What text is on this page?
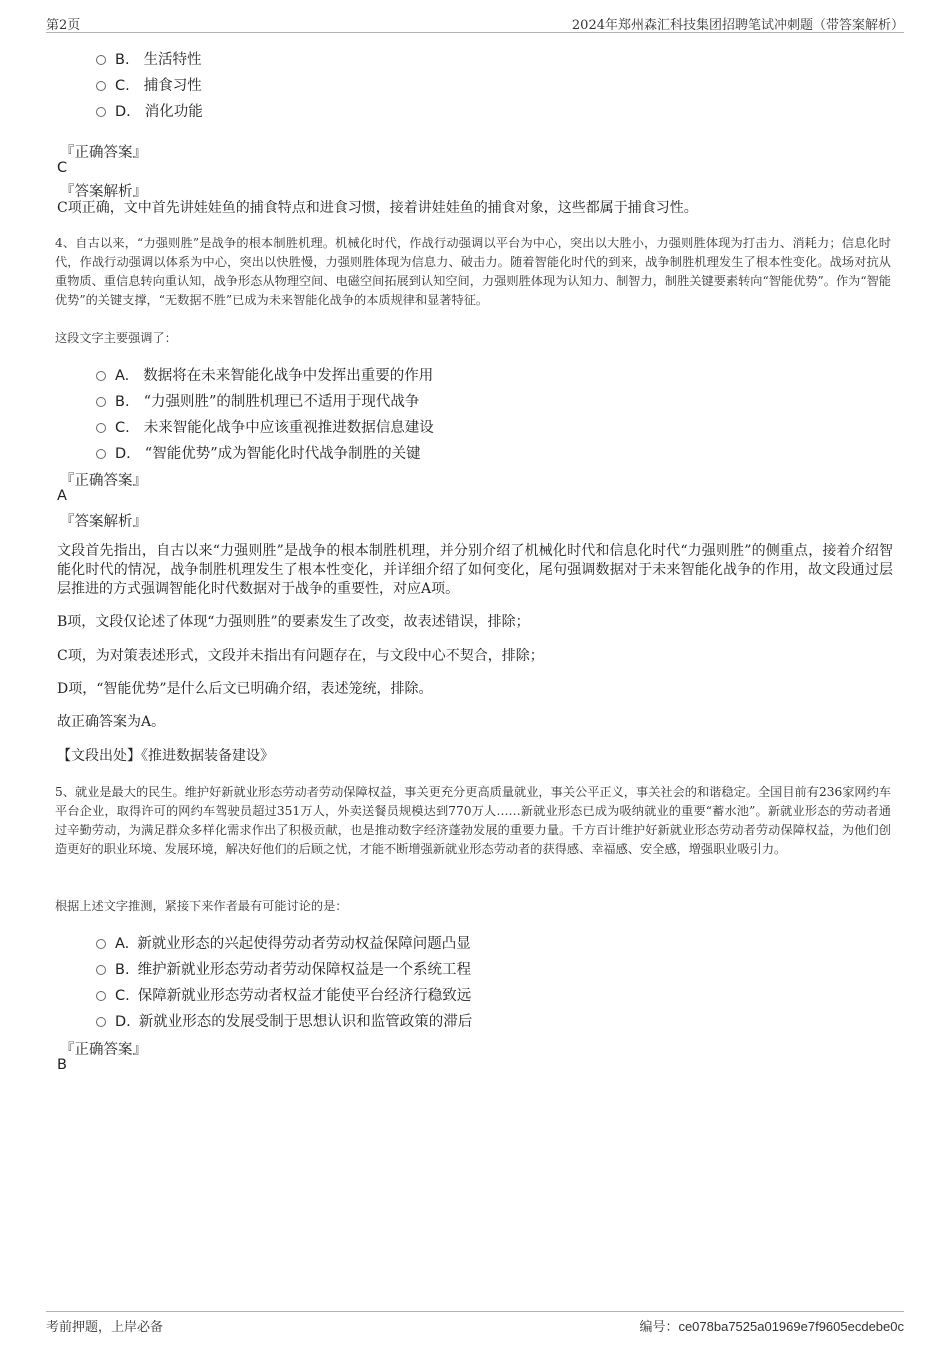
第2页	2024年郑州森汇科技集团招聘笔试冲刺题（带答案解析）
B. 生活特性
C. 捕食习性
D. 消化功能
『正确答案』
C
『答案解析』
C项正确，文中首先讲娃娃鱼的捕食特点和进食习惯，接着讲娃娃鱼的捕食对象，这些都属于捕食习性。
4、自古以来，“力强则胜”是战争的根本制胜机理。机械化时代，作战行动强调以平台为中心，突出以大胜小，力强则胜体现为打击力、消耗力；信息化时代，作战行动强调以体系为中心，突出以快胜慢，力强则胜体现为信息力、破击力。随着智能化时代的到来，战争制胜机理发生了根本性变化。战场对抗从重物质、重信息转向重认知，战争形态从物理空间、电磁空间拓展到认知空间，力强则胜体现为认知力、制智力，制胜关键要素转向“智能优势”。作为“智能优势”的关键支撑，“无数据不胜”已成为未来智能化战争的本质规律和显著特征。
这段文字主要强调了：
A. 数据将在未来智能化战争中发挥出重要的作用
B. “力强则胜”的制胜机理已不适用于现代战争
C. 未来智能化战争中应该重视推进数据信息建设
D. “智能优势”成为智能化时代战争制胜的关键
『正确答案』
A
『答案解析』
文段首先指出，自古以来“力强则胜”是战争的根本制胜机理，并分别介绍了机械化时代和信息化时代“力强则胜”的侧重点，接着介绍智能化时代的情况，战争制胜机理发生了根本性变化，并详细介绍了如何变化，尾句强调数据对于未来智能化战争的作用，故文段通过层层推进的方式强调智能化时代数据对于战争的重要性，对应A项。
B项，文段仅论述了体现“力强则胜”的要素发生了改变，故表述错误，排除；
C项，为对策表述形式，文段并未指出有问题存在，与文段中心不契合，排除；
D项，“智能优势”是什么后文已明确介绍，表述笼统，排除。
故正确答案为A。
【文段出处】《推进数据装备建设》
5、就业是最大的民生。维护好新就业形态劳动者劳动保障权益，事关更充分更高质量就业，事关公平正义，事关社会的和谐稳定。全国目前有236家网约车平台企业，取得许可的网约车驾驶员超过351万人，外卖送餐员规模达到770万人……新就业形态已成为吸纳就业的重要“蓄水池”。新就业形态的劳动者通过辛勤劳动，为满足群众多样化需求作出了积极贡献，也是推动数字经济蓬勃发展的重要力量。千方百计维护好新就业形态劳动者劳动保障权益，为他们创造更好的职业环境、发展环境，解决好他们的后顾之忧，才能不断增强新就业形态劳动者的获得感、幸福感、安全感，增强职业吸引力。
根据上述文字推测，紧接下来作者最有可能讨论的是：
A. 新就业形态的兴起使得劳动者劳动权益保障问题凸显
B. 维护新就业形态劳动者劳动保障权益是一个系统工程
C. 保障新就业形态劳动者权益才能使平台经济行稳致远
D. 新就业形态的发展受制于思想认识和监管政策的滞后
『正确答案』
B
考前押题，上岸必备	编号：ce078ba7525a01969e7f9605ecdebe0c
